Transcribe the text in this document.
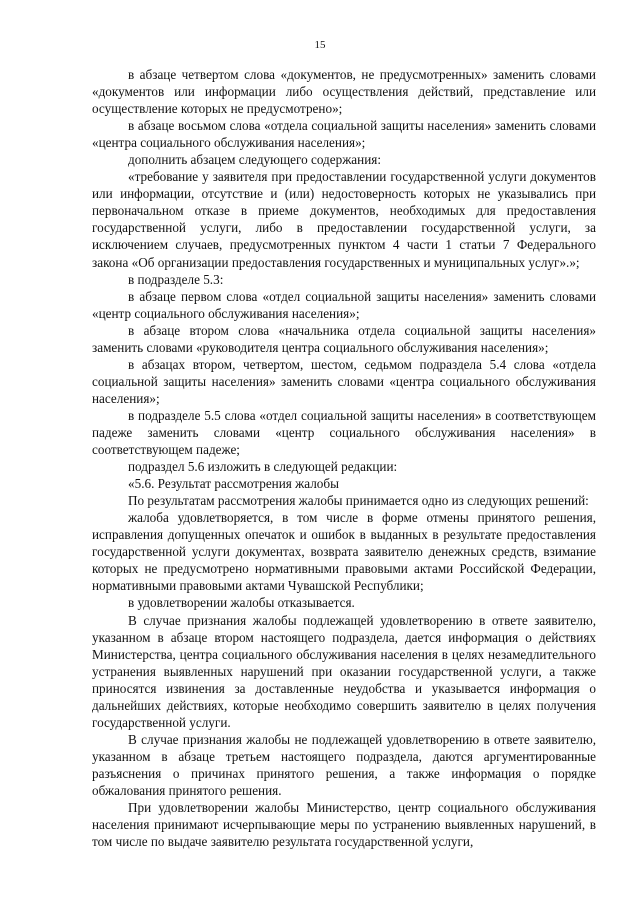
15

в абзаце четвертом слова «документов, не предусмотренных» заменить словами «документов или информации либо осуществления действий, представление или осуществление которых не предусмотрено»;

в абзаце восьмом слова «отдела социальной защиты населения» заменить словами «центра социального обслуживания населения»;

дополнить абзацем следующего содержания:

«требование у заявителя при предоставлении государственной услуги документов или информации, отсутствие и (или) недостоверность которых не указывались при первоначальном отказе в приеме документов, необходимых для предоставления государственной услуги, либо в предоставлении государственной услуги, за исключением случаев, предусмотренных пунктом 4 части 1 статьи 7 Федерального закона «Об организации предоставления государственных и муниципальных услуг».»;

в подразделе 5.3:

в абзаце первом слова «отдел социальной защиты населения» заменить словами «центр социального обслуживания населения»;

в абзаце втором слова «начальника отдела социальной защиты населения» заменить словами «руководителя центра социального обслуживания населения»;

в абзацах втором, четвертом, шестом, седьмом подраздела 5.4 слова «отдела социальной защиты населения» заменить словами «центра социального обслуживания населения»;

в подразделе 5.5 слова «отдел социальной защиты населения» в соответствующем падеже заменить словами «центр социального обслуживания населения» в соответствующем падеже;

подраздел 5.6 изложить в следующей редакции:

«5.6. Результат рассмотрения жалобы

По результатам рассмотрения жалобы принимается одно из следующих решений:

жалоба удовлетворяется, в том числе в форме отмены принятого решения, исправления допущенных опечаток и ошибок в выданных в результате предоставления государственной услуги документах, возврата заявителю денежных средств, взимание которых не предусмотрено нормативными правовыми актами Российской Федерации, нормативными правовыми актами Чувашской Республики;

в удовлетворении жалобы отказывается.

В случае признания жалобы подлежащей удовлетворению в ответе заявителю, указанном в абзаце втором настоящего подраздела, дается информация о действиях Министерства, центра социального обслуживания населения в целях незамедлительного устранения выявленных нарушений при оказании государственной услуги, а также приносятся извинения за доставленные неудобства и указывается информация о дальнейших действиях, которые необходимо совершить заявителю в целях получения государственной услуги.

В случае признания жалобы не подлежащей удовлетворению в ответе заявителю, указанном в абзаце третьем настоящего подраздела, даются аргументированные разъяснения о причинах принятого решения, а также информация о порядке обжалования принятого решения.

При удовлетворении жалобы Министерство, центр социального обслуживания населения принимают исчерпывающие меры по устранению выявленных нарушений, в том числе по выдаче заявителю результата государственной услуги,
